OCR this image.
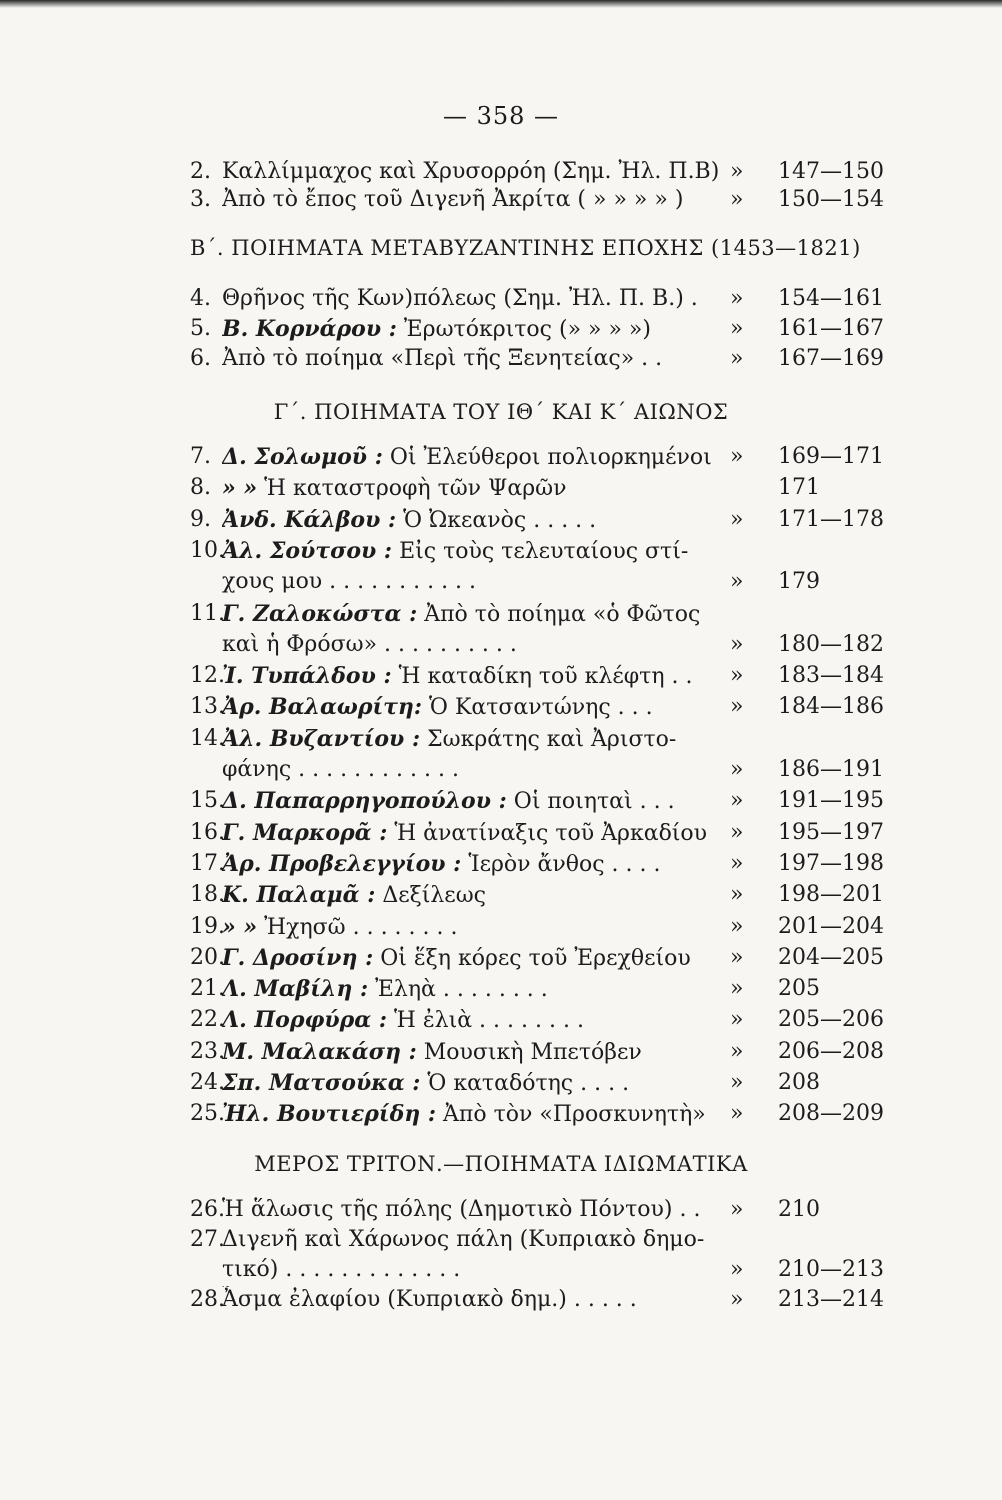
— 358 —
2. Καλλίμμαχος καὶ Χρυσορρόη (Σημ. Ἠλ. Π.Β) » 147—150
3. Ἀπὸ τὸ ἔπος τοῦ Διγενῆ Ἀκρίτα ( » » » » )	» 150—154
Β΄. ΠΟΙΗΜΑΤΑ ΜΕΤΑΒΥΖΑΝΤΙΝΗΣ ΕΠΟΧΗΣ (1453—1821)
4. Θρῆνος τῆς Κων)πόλεως (Σημ. Ἠλ. Π. Β.) .	» 154—161
5. Β. Κορνάρου : Ἐρωτόκριτος (» » » »)	» 161—167
6. Ἀπὸ τὸ ποίημα «Περὶ τῆς Ξενητείας» . .	» 167—169
Γ΄. ΠΟΙΗΜΑΤΑ ΤΟΥ ΙΘ΄ ΚΑΙ Κ΄ ΑΙΩΝΟΣ
7. Δ. Σολωμοῦ : Οἱ Ἐλεύθεροι πολιορκημένοι » 169—171
8. » » Ἡ καταστροφὴ τῶν Ψαρῶν	171
9. Ἀνδ. Κάλβου : Ὁ Ὠκεανὸς . . . . .	» 171—178
10.
Ἀλ. Σούτσου : Εἰς τοὺς τελευταίους στί-
χους μου . . . . . . . . . . .	» 179
11.
Γ. Ζαλοκώστα : Ἀπὸ τὸ ποίημα «ὁ Φῶτος
καὶ ἡ Φρόσω» . . . . . . . . . .	» 180—182
12.
Ἰ. Τυπάλδου : Ἡ καταδίκη τοῦ κλέφτη . .	» 183—184
13.
Ἀρ. Βαλαωρίτη: Ὁ Κατσαντώνης . . .	» 184—186
14.
Ἀλ. Βυζαντίου : Σωκράτης καὶ Ἀριστο-
φάνης . . . . . . . . . . . .	» 186—191
15.
Δ. Παπαρρηγοπούλου : Οἱ ποιηταὶ . . .	» 191—195
16.
Γ. Μαρκορᾶ : Ἡ ἀνατίναξις τοῦ Ἀρκαδίου	» 195—197
17.
Ἀρ. Προβελεγγίου : Ἱερὸν ἄνθος . . . .	» 197—198
18.
Κ. Παλαμᾶ : Δεξίλεως	» 198—201
19.
» » Ἠχησῶ . . . . . . . .	» 201—204
20.
Γ. Δροσίνη : Οἱ ἕξη κόρες τοῦ Ἐρεχθείου	» 204—205
21.
Λ. Μαβίλη : Ἐληὰ . . . . . . . .	» 205
22.
Λ. Πορφύρα : Ἡ ἐλιὰ . . . . . . . .	» 205—206
23.
Μ. Μαλακάση : Μουσικὴ Μπετόβεν	» 206—208
24.
Σπ. Ματσούκα : Ὁ καταδότης . . . .	» 208
25.
Ἠλ. Βουτιερίδη : Ἀπὸ τὸν «Προσκυνητὴ»	» 208—209
ΜΕΡΟΣ ΤΡΙΤΟΝ.—ΠΟΙΗΜΑΤΑ ΙΔΙΩΜΑΤΙΚΑ
26.
Ἡ ἅλωσις τῆς πόλης (Δημοτικὸ Πόντου) . .	» 210
27.
Διγενῆ καὶ Χάρωνος πάλη (Κυπριακὸ δημο-
τικό) . . . . . . . . . . . . .	» 210—213
28.
Ἆσμα ἐλαφίου (Κυπριακὸ δημ.) . . . . .	» 213—214
